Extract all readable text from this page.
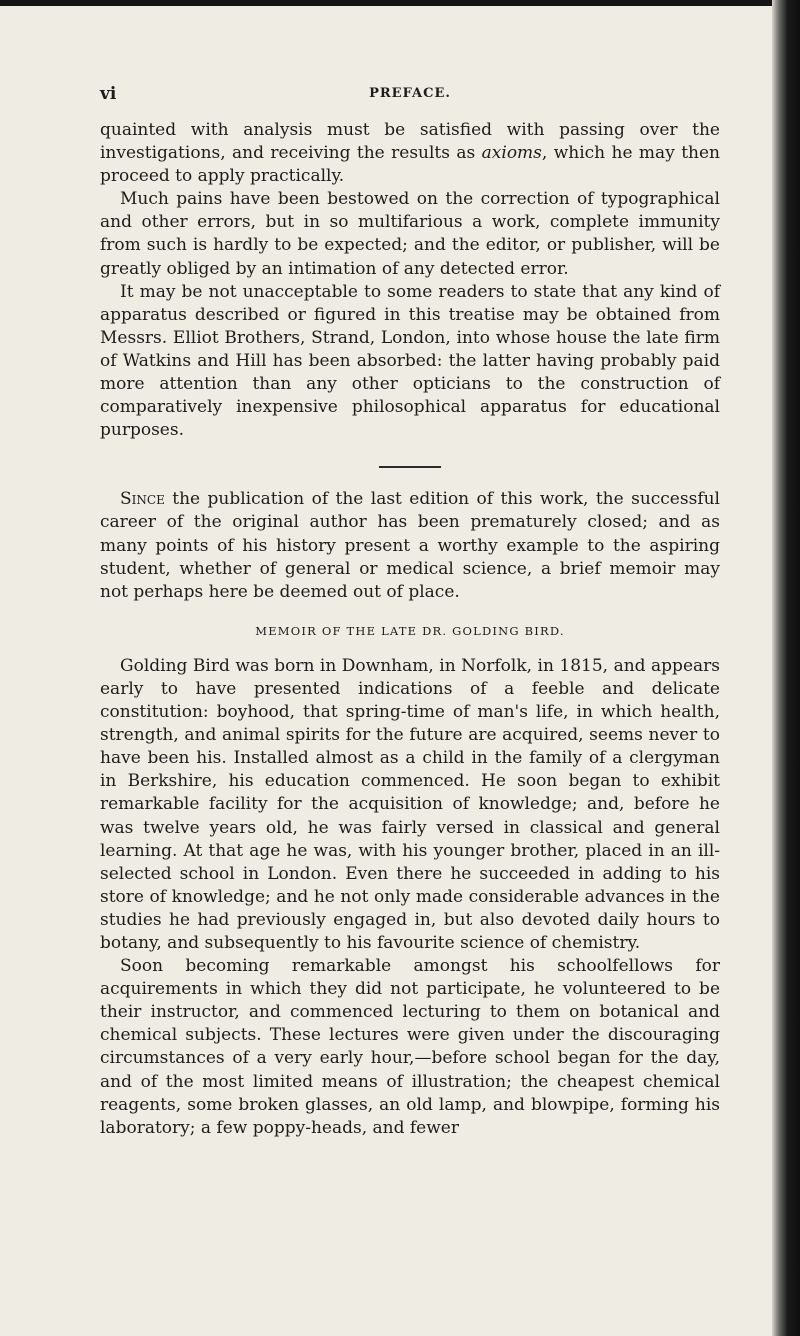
vi	PREFACE.

quainted with analysis must be satisfied with passing over the investigations, and receiving the results as axioms, which he may then proceed to apply practically.

Much pains have been bestowed on the correction of typographical and other errors, but in so multifarious a work, complete immunity from such is hardly to be expected; and the editor, or publisher, will be greatly obliged by an intimation of any detected error.

It may be not unacceptable to some readers to state that any kind of apparatus described or figured in this treatise may be obtained from Messrs. Elliot Brothers, Strand, London, into whose house the late firm of Watkins and Hill has been absorbed: the latter having probably paid more attention than any other opticians to the construction of comparatively inexpensive philosophical apparatus for educational purposes.

Since the publication of the last edition of this work, the successful career of the original author has been prematurely closed; and as many points of his history present a worthy example to the aspiring student, whether of general or medical science, a brief memoir may not perhaps here be deemed out of place.

MEMOIR OF THE LATE DR. GOLDING BIRD.

Golding Bird was born in Downham, in Norfolk, in 1815, and appears early to have presented indications of a feeble and delicate constitution: boyhood, that spring-time of man's life, in which health, strength, and animal spirits for the future are acquired, seems never to have been his. Installed almost as a child in the family of a clergyman in Berkshire, his education commenced. He soon began to exhibit remarkable facility for the acquisition of knowledge; and, before he was twelve years old, he was fairly versed in classical and general learning. At that age he was, with his younger brother, placed in an ill-selected school in London. Even there he succeeded in adding to his store of knowledge; and he not only made considerable advances in the studies he had previously engaged in, but also devoted daily hours to botany, and subsequently to his favourite science of chemistry.

Soon becoming remarkable amongst his schoolfellows for acquirements in which they did not participate, he volunteered to be their instructor, and commenced lecturing to them on botanical and chemical subjects. These lectures were given under the discouraging circumstances of a very early hour,—before school began for the day, and of the most limited means of illustration; the cheapest chemical reagents, some broken glasses, an old lamp, and blowpipe, forming his laboratory; a few poppy-heads, and fewer
